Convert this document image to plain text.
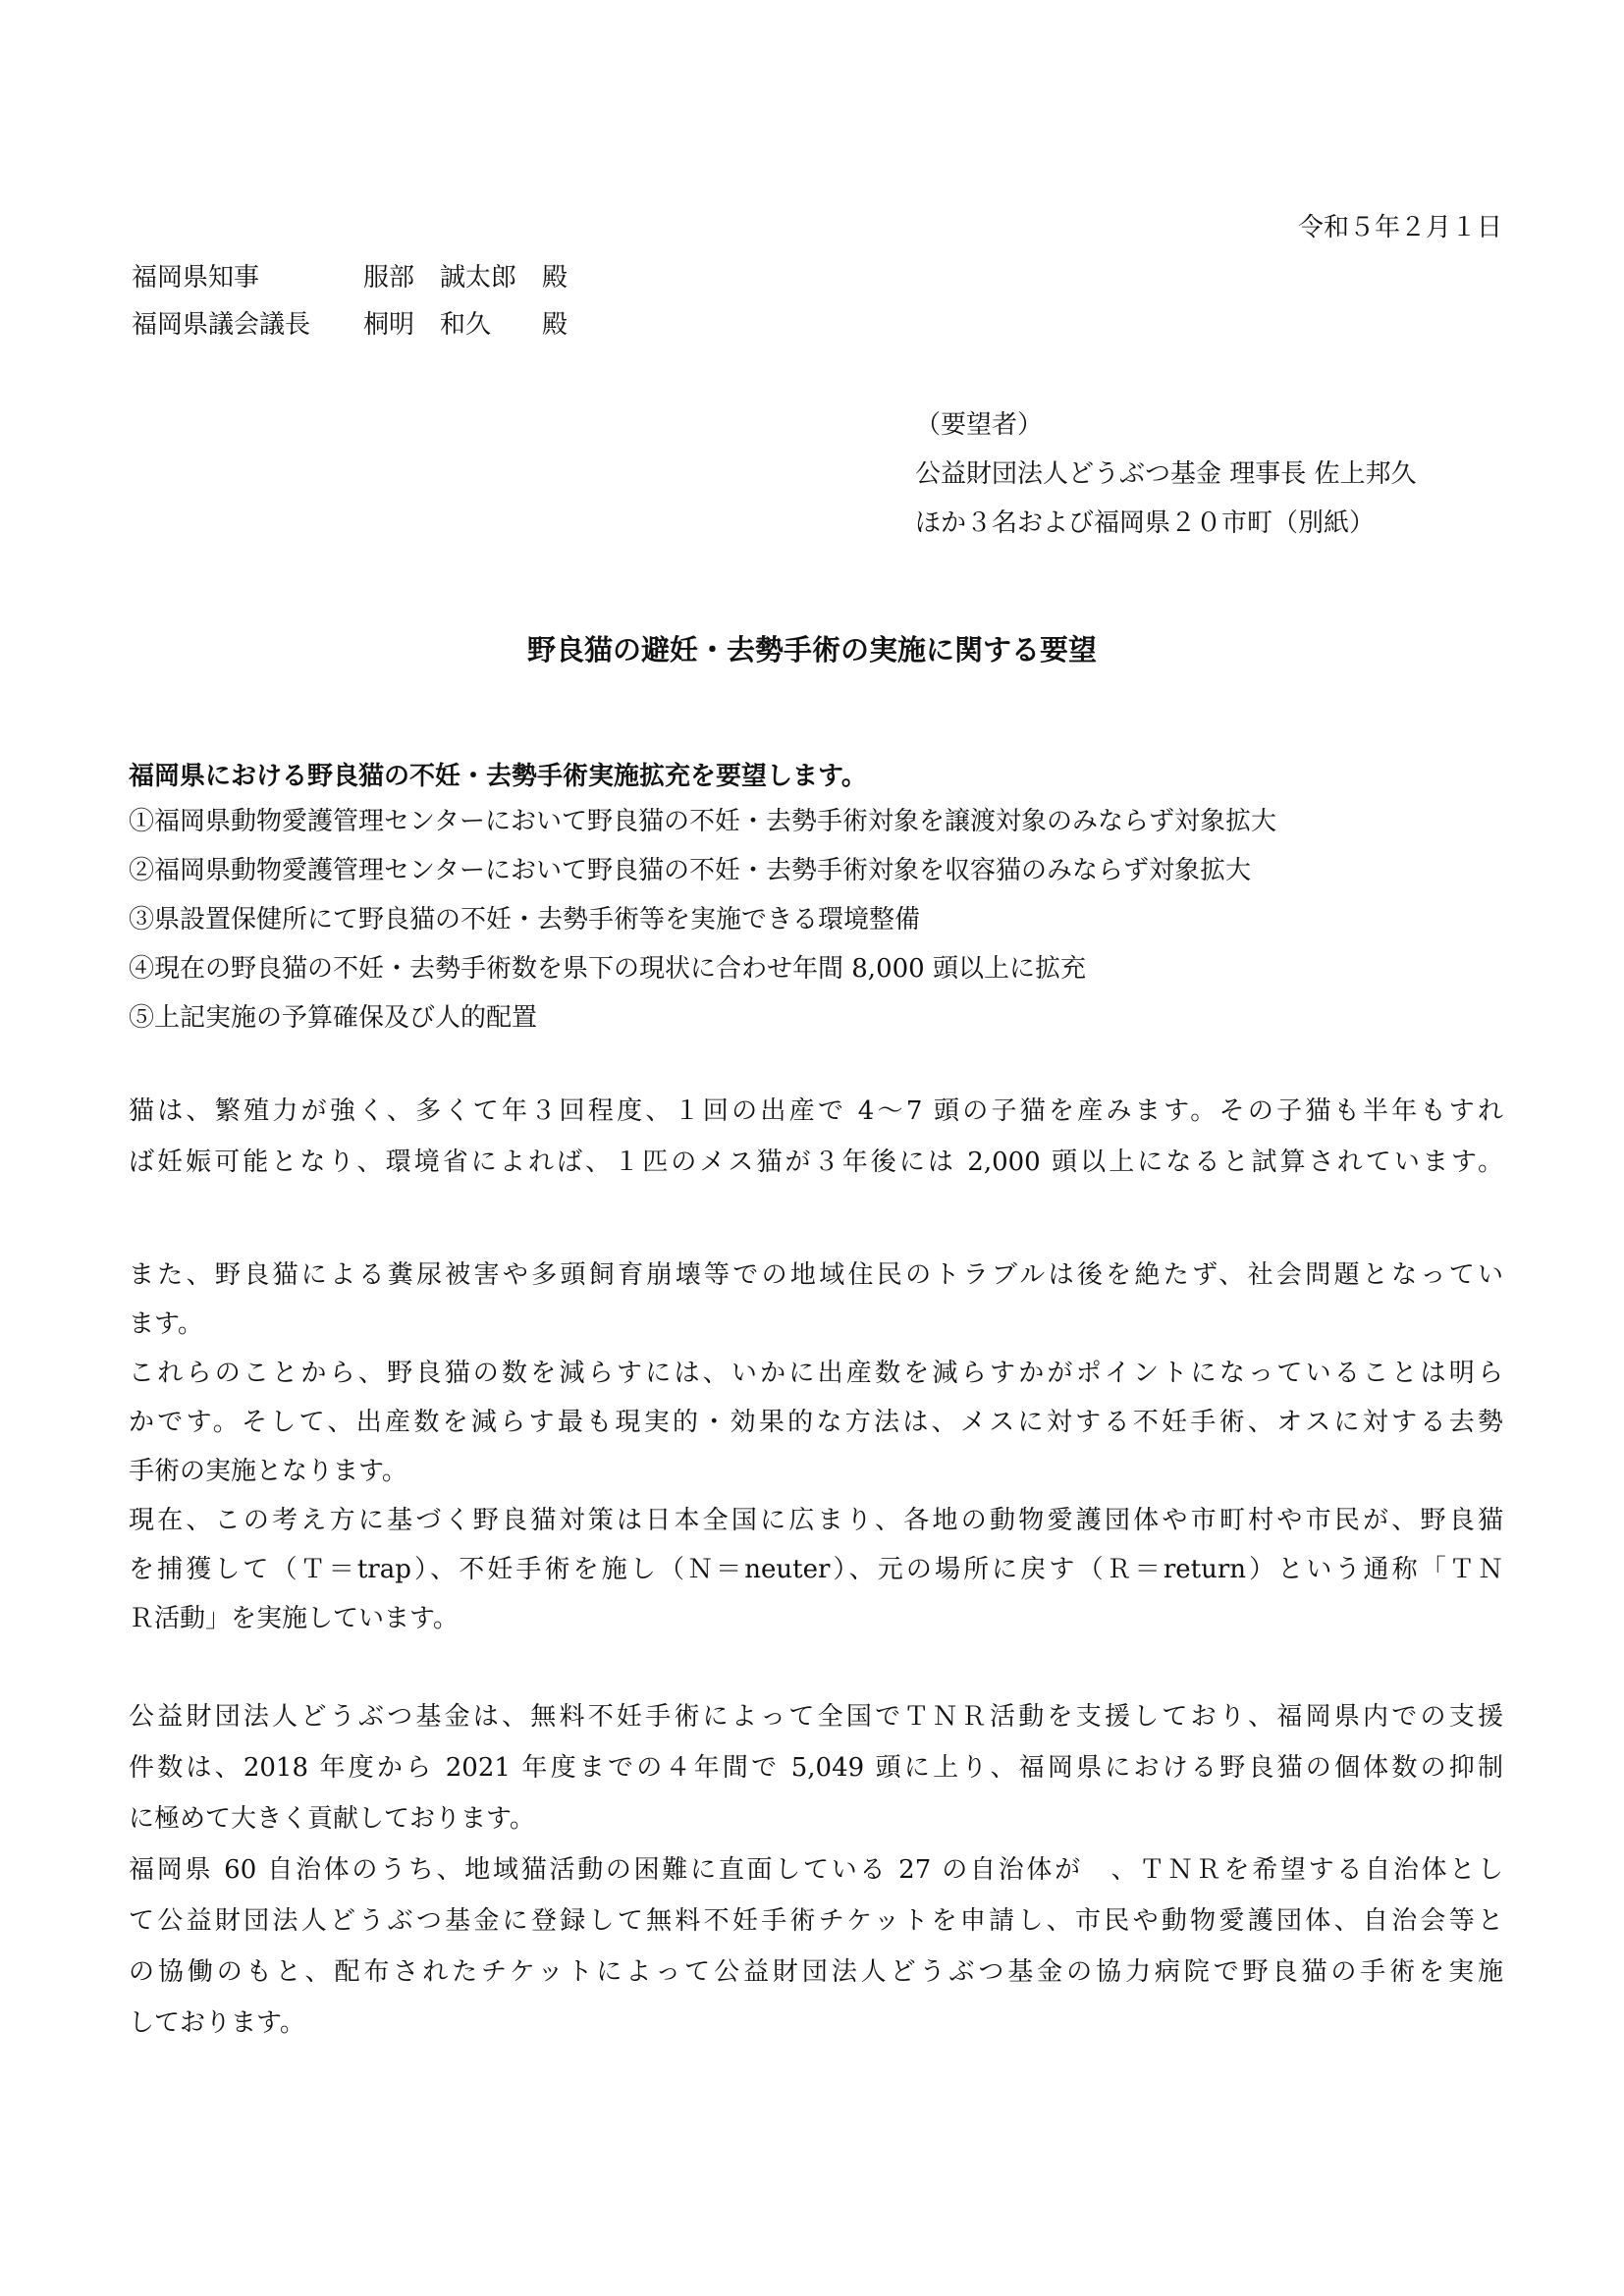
令和５年２月１日
福岡県知事	服部　誠太郎　殿
福岡県議会議長 桐明　和久　　殿
（要望者）
公益財団法人どうぶつ基金 理事長 佐上邦久
ほか３名および福岡県２０市町（別紙）
野良猫の避妊・去勢手術の実施に関する要望
福岡県における野良猫の不妊・去勢手術実施拡充を要望します。
①福岡県動物愛護管理センターにおいて野良猫の不妊・去勢手術対象を譲渡対象のみならず対象拡大
②福岡県動物愛護管理センターにおいて野良猫の不妊・去勢手術対象を収容猫のみならず対象拡大
③県設置保健所にて野良猫の不妊・去勢手術等を実施できる環境整備
④現在の野良猫の不妊・去勢手術数を県下の現状に合わせ年間 8,000 頭以上に拡充
⑤上記実施の予算確保及び人的配置
猫は、繁殖力が強く、多くて年３回程度、１回の出産で 4～7 頭の子猫を産みます。その子猫も半年もすれ
ば妊娠可能となり、環境省によれば、１匹のメス猫が３年後には 2,000 頭以上になると試算されています。
また、野良猫による糞尿被害や多頭飼育崩壊等での地域住民のトラブルは後を絶たず、社会問題となってい
ます。
これらのことから、野良猫の数を減らすには、いかに出産数を減らすかがポイントになっていることは明ら
かです。そして、出産数を減らす最も現実的・効果的な方法は、メスに対する不妊手術、オスに対する去勢
手術の実施となります。
現在、この考え方に基づく野良猫対策は日本全国に広まり、各地の動物愛護団体や市町村や市民が、野良猫
を捕獲して（Ｔ＝trap）、不妊手術を施し（Ｎ＝neuter）、元の場所に戻す（Ｒ＝return）という通称「ＴＮ
Ｒ活動」を実施しています。
公益財団法人どうぶつ基金は、無料不妊手術によって全国でＴＮＲ活動を支援しており、福岡県内での支援
件数は、2018 年度から 2021 年度までの４年間で 5,049 頭に上り、福岡県における野良猫の個体数の抑制
に極めて大きく貢献しております。
福岡県 60 自治体のうち、地域猫活動の困難に直面している 27 の自治体が　、ＴＮＲを希望する自治体とし
て公益財団法人どうぶつ基金に登録して無料不妊手術チケットを申請し、市民や動物愛護団体、自治会等と
の協働のもと、配布されたチケットによって公益財団法人どうぶつ基金の協力病院で野良猫の手術を実施
しております。
